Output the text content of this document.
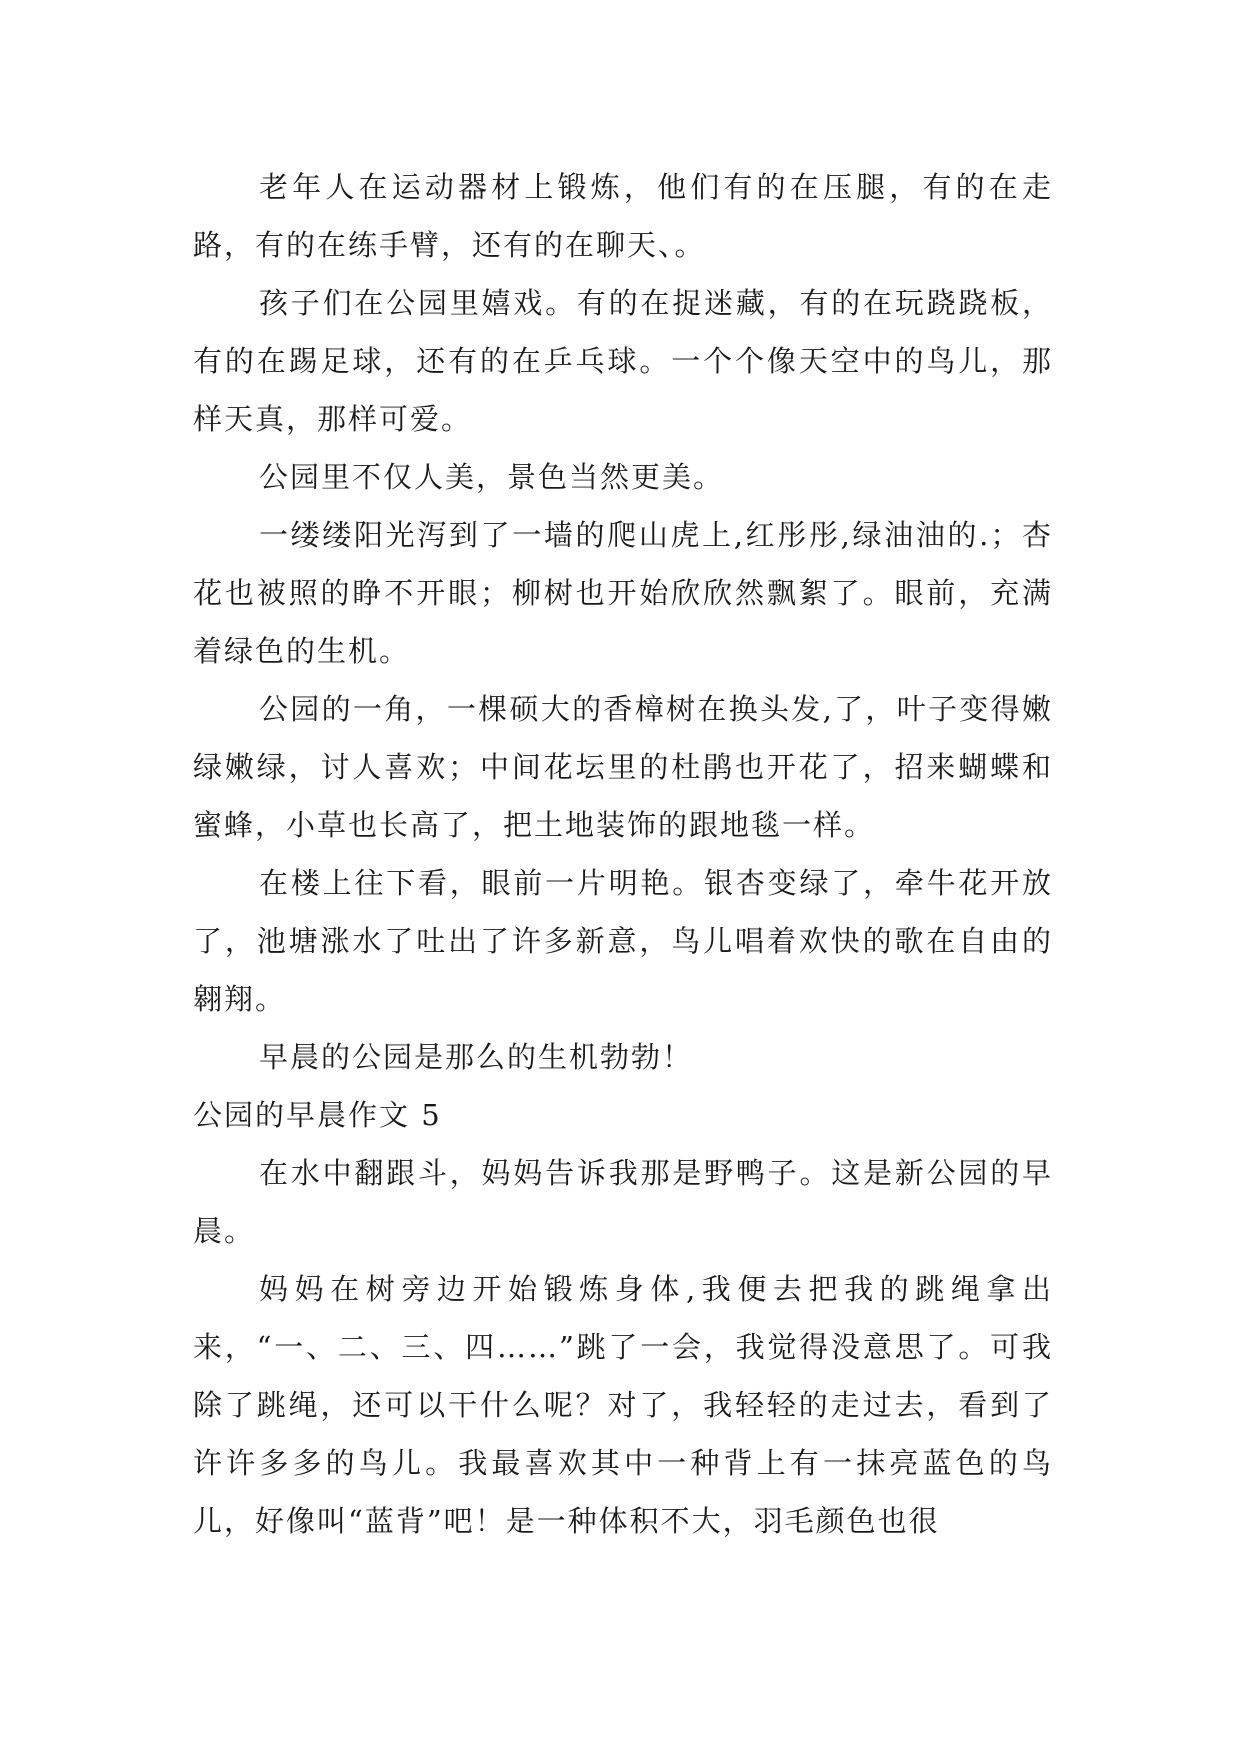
老年人在运动器材上锻炼，他们有的在压腿，有的在走路，有的在练手臂，还有的在聊天、。

孩子们在公园里嬉戏。有的在捉迷藏，有的在玩跷跷板，有的在踢足球，还有的在乒乓球。一个个像天空中的鸟儿，那样天真，那样可爱。

公园里不仅人美，景色当然更美。

一缕缕阳光泻到了一墙的爬山虎上,红彤彤,绿油油的.；杏花也被照的睁不开眼；柳树也开始欣欣然飘絮了。眼前，充满着绿色的生机。

公园的一角，一棵硕大的香樟树在换头发,了，叶子变得嫩绿嫩绿，讨人喜欢；中间花坛里的杜鹃也开花了，招来蝴蝶和蜜蜂，小草也长高了，把土地装饰的跟地毯一样。

在楼上往下看，眼前一片明艳。银杏变绿了，牵牛花开放了，池塘涨水了吐出了许多新意，鸟儿唱着欢快的歌在自由的翱翔。

早晨的公园是那么的生机勃勃！

公园的早晨作文 5

在水中翻跟斗，妈妈告诉我那是野鸭子。这是新公园的早晨。

妈妈在树旁边开始锻炼身体,我便去把我的跳绳拿出来，“一、二、三、四……”跳了一会，我觉得没意思了。可我除了跳绳，还可以干什么呢？对了，我轻轻的走过去，看到了许许多多的鸟儿。我最喜欢其中一种背上有一抹亮蓝色的鸟儿，好像叫“蓝背”吧！是一种体积不大，羽毛颜色也很
